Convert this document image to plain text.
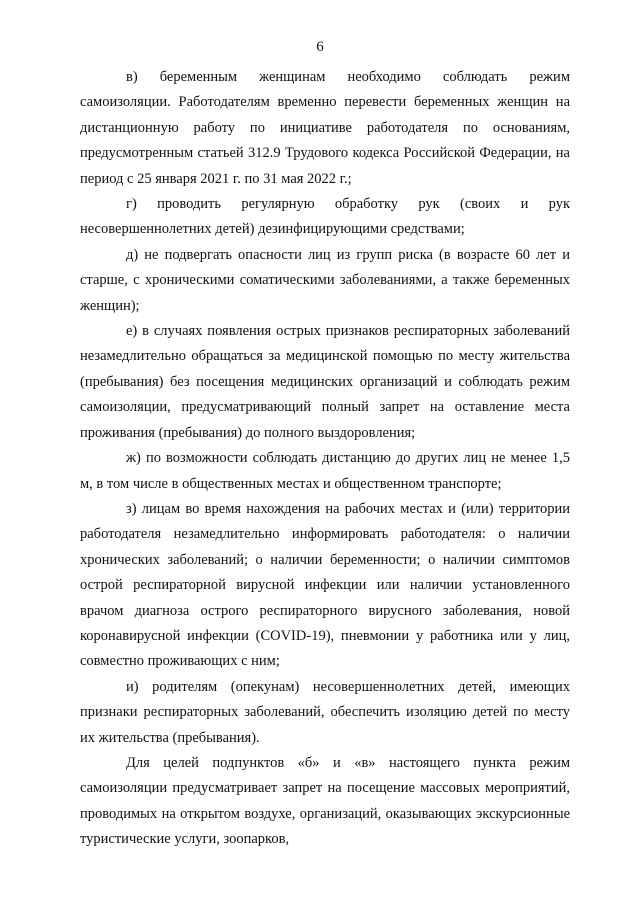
6

в) беременным женщинам необходимо соблюдать режим самоизоляции. Работодателям временно перевести беременных женщин на дистанционную работу по инициативе работодателя по основаниям, предусмотренным статьей 312.9 Трудового кодекса Российской Федерации, на период с 25 января 2021 г. по 31 мая 2022 г.;

г) проводить регулярную обработку рук (своих и рук несовершеннолетних детей) дезинфицирующими средствами;

д) не подвергать опасности лиц из групп риска (в возрасте 60 лет и старше, с хроническими соматическими заболеваниями, а также беременных женщин);

е) в случаях появления острых признаков респираторных заболеваний незамедлительно обращаться за медицинской помощью по месту жительства (пребывания) без посещения медицинских организаций и соблюдать режим самоизоляции, предусматривающий полный запрет на оставление места проживания (пребывания) до полного выздоровления;

ж) по возможности соблюдать дистанцию до других лиц не менее 1,5 м, в том числе в общественных местах и общественном транспорте;

з) лицам во время нахождения на рабочих местах и (или) территории работодателя незамедлительно информировать работодателя: о наличии хронических заболеваний; о наличии беременности; о наличии симптомов острой респираторной вирусной инфекции или наличии установленного врачом диагноза острого респираторного вирусного заболевания, новой коронавирусной инфекции (COVID-19), пневмонии у работника или у лиц, совместно проживающих с ним;

и) родителям (опекунам) несовершеннолетних детей, имеющих признаки респираторных заболеваний, обеспечить изоляцию детей по месту их жительства (пребывания).

Для целей подпунктов «б» и «в» настоящего пункта режим самоизоляции предусматривает запрет на посещение массовых мероприятий, проводимых на открытом воздухе, организаций, оказывающих экскурсионные туристические услуги, зоопарков,
